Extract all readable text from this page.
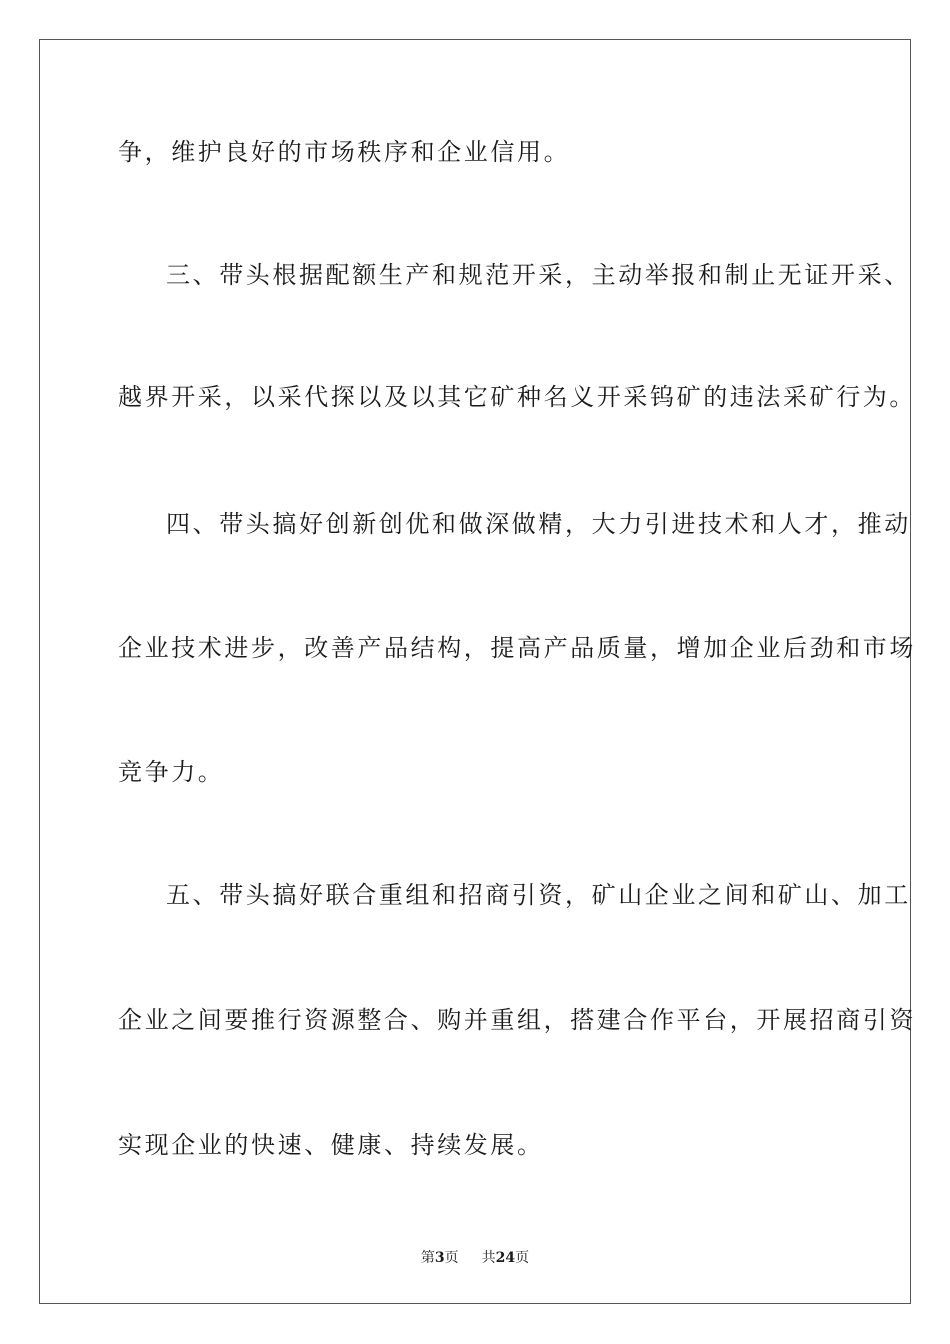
争，维护良好的市场秩序和企业信用。
三、带头根据配额生产和规范开采，主动举报和制止无证开采、
越界开采，以采代探以及以其它矿种名义开采钨矿的违法采矿行为。
四、带头搞好创新创优和做深做精，大力引进技术和人才，推动
企业技术进步，改善产品结构，提高产品质量，增加企业后劲和市场
竞争力。
五、带头搞好联合重组和招商引资，矿山企业之间和矿山、加工
企业之间要推行资源整合、购并重组，搭建合作平台，开展招商引资
实现企业的快速、健康、持续发展。
第3页 共24页
